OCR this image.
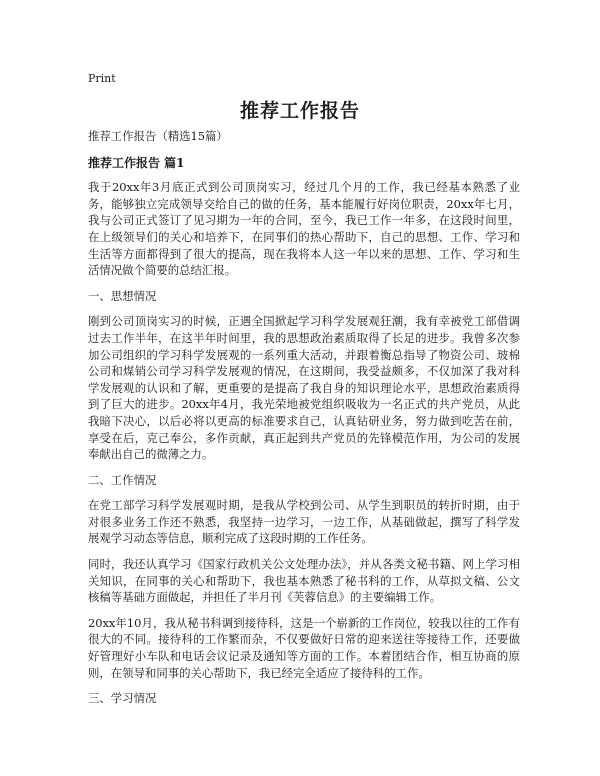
Print
推荐工作报告

推荐工作报告（精选15篇）

推荐工作报告 篇1

我于20xx年3月底正式到公司顶岗实习，经过几个月的工作，我已经基本熟悉了业务，能够独立完成领导交给自己的做的任务，基本能履行好岗位职责，20xx年七月，我与公司正式签订了见习期为一年的合同，至今，我已工作一年多，在这段时间里，在上级领导们的关心和培养下，在同事们的热心帮助下，自己的思想、工作、学习和生活等方面都得到了很大的提高，现在我将本人这一年以来的思想、工作、学习和生活情况做个简要的总结汇报。

一、思想情况

刚到公司顶岗实习的时候，正遇全国掀起学习科学发展观狂潮，我有幸被党工部借调过去工作半年，在这半年时间里，我的思想政治素质取得了长足的进步。我曾多次参加公司组织的学习科学发展观的一系列重大活动，并跟着衡总指导了物资公司、玻棉公司和煤销公司学习科学发展观的情况，在这期间，我受益颇多，不仅加深了我对科学发展观的认识和了解，更重要的是提高了我自身的知识理论水平，思想政治素质得到了巨大的进步。20xx年4月，我光荣地被党组织吸收为一名正式的共产党员，从此我暗下决心，以后必将以更高的标准要求自己，认真钻研业务，努力做到吃苦在前，享受在后，克己奉公，多作贡献，真正起到共产党员的先锋模范作用，为公司的发展奉献出自己的微薄之力。

二、工作情况

在党工部学习科学发展观时期，是我从学校到公司、从学生到职员的转折时期，由于对很多业务工作还不熟悉，我坚持一边学习，一边工作，从基础做起，撰写了科学发展观学习动态等信息，顺利完成了这段时期的工作任务。

同时，我还认真学习《国家行政机关公文处理办法》，并从各类文秘书籍、网上学习相关知识，在同事的关心和帮助下，我也基本熟悉了秘书科的工作，从草拟文稿、公文核稿等基础方面做起，并担任了半月刊《芙蓉信息》的主要编辑工作。

20xx年10月，我从秘书科调到接待科，这是一个崭新的工作岗位，较我以往的工作有很大的不同。接待科的工作繁而杂，不仅要做好日常的迎来送往等接待工作，还要做好管理好小车队和电话会议记录及通知等方面的工作。本着团结合作，相互协商的原则，在领导和同事的关心帮助下，我已经完全适应了接待科的工作。

三、学习情况
